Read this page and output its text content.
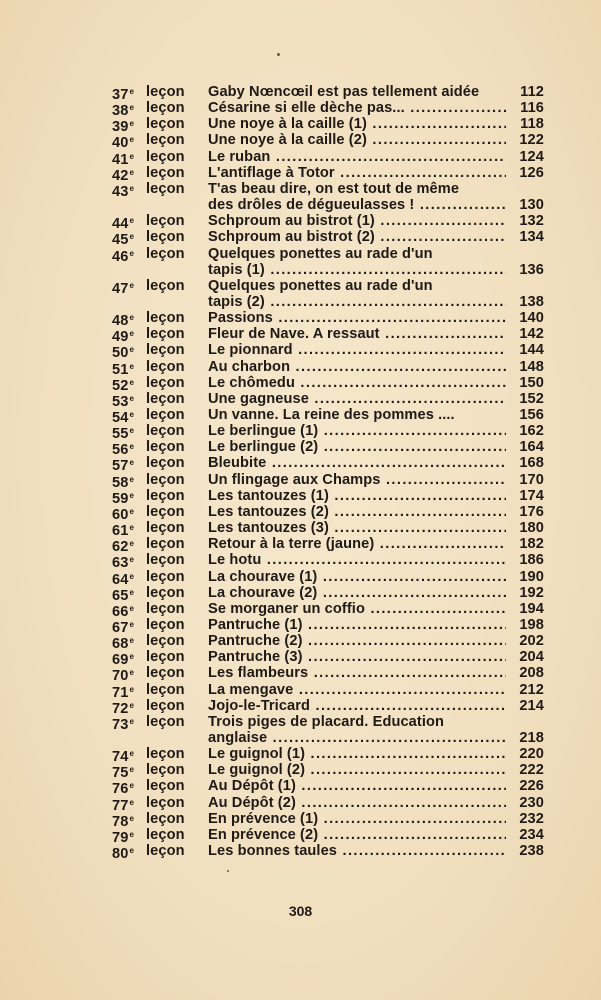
37e leçon	Gaby Nœncœil est pas tellement aidée	112
38e leçon	Césarine si elle dèche pas... .....	116
39e leçon	Une noye à la caille (1) .....	118
40e leçon	Une noye à la caille (2) .....	122
41e leçon	Le ruban .....	124
42e leçon	L'antiflage à Totor .....	126
43e leçon	T'as beau dire, on est tout de même
des drôles de dégueulasses ! .....	130
44e leçon	Schproum au bistrot (1) .....	132
45e leçon	Schproum au bistrot (2) .....	134
46e leçon	Quelques ponettes au rade d'un
tapis (1) .....	136
47e leçon	Quelques ponettes au rade d'un
tapis (2) .....	138
48e leçon	Passions .....	140
49e leçon	Fleur de Nave. A ressaut .....	142
50e leçon	Le pionnard .....	144
51e leçon	Au charbon .....	148
52e leçon	Le chômedu .....	150
53e leçon	Une gagneuse .....	152
54e leçon	Un vanne. La reine des pommes ....	156
55e leçon	Le berlingue (1) .....	162
56e leçon	Le berlingue (2) .....	164
57e leçon	Bleubite .....	168
58e leçon	Un flingage aux Champs .....	170
59e leçon	Les tantouzes (1) .....	174
60e leçon	Les tantouzes (2) .....	176
61e leçon	Les tantouzes (3) .....	180
62e leçon	Retour à la terre (jaune) .....	182
63e leçon	Le hotu .....	186
64e leçon	La chourave (1) .....	190
65e leçon	La chourave (2) .....	192
66e leçon	Se morganer un coffio .....	194
67e leçon	Pantruche (1) .....	198
68e leçon	Pantruche (2) .....	202
69e leçon	Pantruche (3) .....	204
70e leçon	Les flambeurs .....	208
71e leçon	La mengave .....	212
72e leçon	Jojo-le-Tricard .....	214
73e leçon	Trois piges de placard. Education
anglaise .....	218
74e leçon	Le guignol (1) .....	220
75e leçon	Le guignol (2) .....	222
76e leçon	Au Dépôt (1) .....	226
77e leçon	Au Dépôt (2) .....	230
78e leçon	En prévence (1) .....	232
79e leçon	En prévence (2) .....	234
80e leçon	Les bonnes taules .....	238
308
